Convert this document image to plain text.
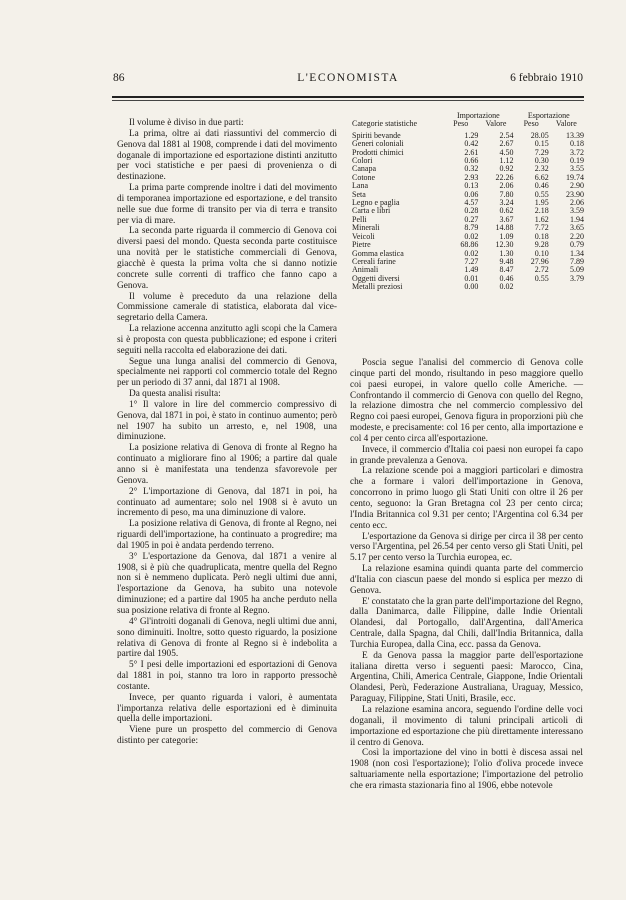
86	L'ECONOMISTA	6 febbraio 1910

Il volume è diviso in due parti:

La prima, oltre ai dati riassuntivi del commercio di Genova dal 1881 al 1908, comprende i dati del movimento doganale di importazione ed esportazione distinti anzitutto per voci statistiche e per paesi di provenienza o di destinazione.

La prima parte comprende inoltre i dati del movimento di temporanea importazione ed esportazione, e del transito nelle sue due forme di transito per via di terra e transito per via di mare.

La seconda parte riguarda il commercio di Genova coi diversi paesi del mondo. Questa seconda parte costituisce una novità per le statistiche commerciali di Genova, giacchè è questa la prima volta che si danno notizie concrete sulle correnti di traffico che fanno capo a Genova.

Il volume è preceduto da una relazione della Commissione camerale di statistica, elaborata dal vice-segretario della Camera.

La relazione accenna anzitutto agli scopi che la Camera si è proposta con questa pubblicazione; ed espone i criteri seguiti nella raccolta ed elaborazione dei dati.

Segue una lunga analisi del commercio di Genova, specialmente nei rapporti col commercio totale del Regno per un periodo di 37 anni, dal 1871 al 1908.

Da questa analisi risulta:

1° Il valore in lire del commercio compressivo di Genova, dal 1871 in poi, è stato in continuo aumento; però nel 1907 ha subito un arresto, e, nel 1908, una diminuzione.

La posizione relativa di Genova di fronte al Regno ha continuato a migliorare fino al 1906; a partire dal quale anno si è manifestata una tendenza sfavorevole per Genova.

2° L'importazione di Genova, dal 1871 in poi, ha continuato ad aumentare; solo nel 1908 si è avuto un incremento di peso, ma una diminuzione di valore.

La posizione relativa di Genova, di fronte al Regno, nei riguardi dell'importazione, ha continuato a progredire; ma dal 1905 in poi è andata perdendo terreno.

3° L'esportazione da Genova, dal 1871 a venire al 1908, si è più che quadruplicata, mentre quella del Regno non si è nemmeno duplicata. Però negli ultimi due anni, l'esportazione da Genova, ha subito una notevole diminuzione; ed a partire dal 1905 ha anche perduto nella sua posizione relativa di fronte al Regno.

4° Gl'introiti doganali di Genova, negli ultimi due anni, sono diminuiti. Inoltre, sotto questo riguardo, la posizione relativa di Genova di fronte al Regno si è indebolita a partire dal 1905.

5° I pesi delle importazioni ed esportazioni di Genova dal 1881 in poi, stanno tra loro in rapporto pressochè costante.

Invece, per quanto riguarda i valori, è aumentata l'importanza relativa delle esportazioni ed è diminuita quella delle importazioni.

Viene pure un prospetto del commercio di Genova distinto per categorie:

Categorie statistiche	Importazione		Esportazione	
	Peso	Valore	Peso	Valore
Spiriti bevande	1.29	2.54	28.05	13.39
Generi coloniali	0.42	2.67	0.15	0.18
Prodotti chimici	2.61	4.50	7.29	3.72
Colori	0.66	1.12	0.30	0.19
Canapa	0.32	0.92	2.32	3.55
Cotone	2.93	22.26	6.62	19.74
Lana	0.13	2.06	0.46	2.90
Seta	0.06	7.80	0.55	23.90
Legno e paglia	4.57	3.24	1.95	2.06
Carta e libri	0.28	0.62	2.18	3.59
Pelli	0.27	3.67	1.62	1.94
Minerali	8.79	14.88	7.72	3.65
Veicoli	0.02	1.09	0.18	2.20
Pietre	68.86	12.30	9.28	0.79
Gomma elastica	0.02	1.30	0.10	1.34
Cereali farine	7.27	9.48	27.96	7.89
Animali	1.49	8.47	2.72	5.09
Oggetti diversi	0.01	0.46	0.55	3.79
Metalli preziosi	0.00	0.02		

Poscia segue l'analisi del commercio di Genova colle cinque parti del mondo, risultando in peso maggiore quello coi paesi europei, in valore quello colle Americhe. — Confrontando il commercio di Genova con quello del Regno, la relazione dimostra che nel commercio complessivo del Regno coi paesi europei, Genova figura in proporzioni più che modeste, e precisamente: col 16 per cento, alla importazione e col 4 per cento circa all'esportazione.

Invece, il commercio d'Italia coi paesi non europei fa capo in grande prevalenza a Genova.

La relazione scende poi a maggiori particolari e dimostra che a formare i valori dell'importazione in Genova, concorrono in primo luogo gli Stati Uniti con oltre il 26 per cento, seguono: la Gran Bretagna col 23 per cento circa; l'India Britannica col 9.31 per cento; l'Argentina col 6.34 per cento ecc.

L'esportazione da Genova si dirige per circa il 38 per cento verso l'Argentina, pel 26.54 per cento verso gli Stati Uniti, pel 5.17 per cento verso la Turchia europea, ec.

La relazione esamina quindi quanta parte del commercio d'Italia con ciascun paese del mondo si esplica per mezzo di Genova.

E' constatato che la gran parte dell'importazione del Regno, dalla Danimarca, dalle Filippine, dalle Indie Orientali Olandesi, dal Portogallo, dall'Argentina, dall'America Centrale, dalla Spagna, dal Chili, dall'India Britannica, dalla Turchia Europea, dalla Cina, ecc. passa da Genova.

E da Genova passa la maggior parte dell'esportazione italiana diretta verso i seguenti paesi: Marocco, Cina, Argentina, Chili, America Centrale, Giappone, Indie Orientali Olandesi, Perù, Federazione Australiana, Uraguay, Messico, Paraguay, Filippine, Stati Uniti, Brasile, ecc.

La relazione esamina ancora, seguendo l'ordine delle voci doganali, il movimento di taluni principali articoli di importazione ed esportazione che più direttamente interessano il centro di Genova.

Così la importazione del vino in botti è discesa assai nel 1908 (non così l'esportazione); l'olio d'oliva procede invece saltuariamente nella esportazione; l'importazione del petrolio che era rimasta stazionaria fino al 1906, ebbe notevole
